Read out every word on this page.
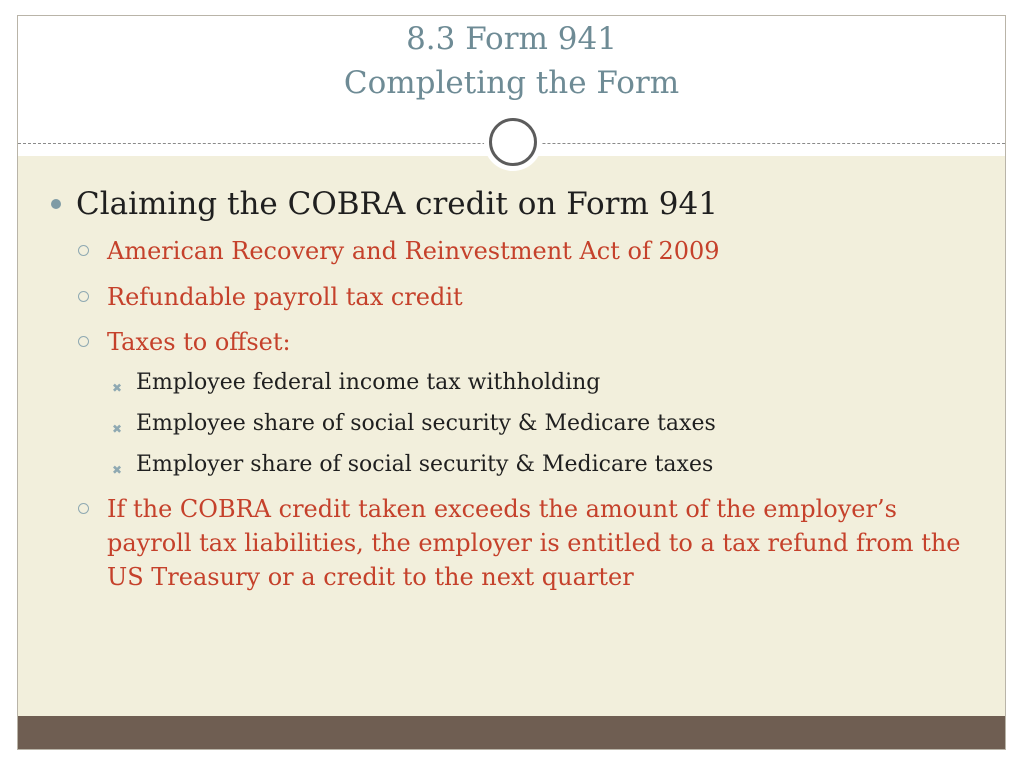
8.3 Form 941
Completing the Form
Claiming the COBRA credit on Form 941
American Recovery and Reinvestment Act of 2009
Refundable payroll tax credit
Taxes to offset:
✖ Employee federal income tax withholding
✖ Employee share of social security & Medicare taxes
✖ Employer share of social security & Medicare taxes
If the COBRA credit taken exceeds the amount of the employer’s payroll tax liabilities, the employer is entitled to a tax refund from the US Treasury or a credit to the next quarter
